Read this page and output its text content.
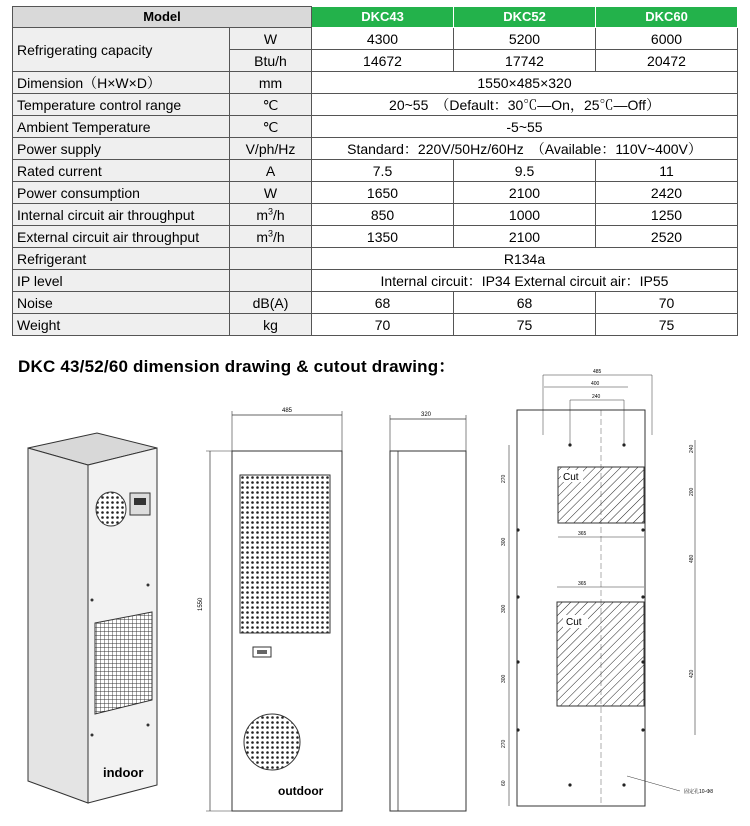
Model		DKC43	DKC52	DKC60
Refrigerating capacity	W	4300	5200	6000
	Btu/h	14672	17742	20472
Dimension（H×W×D）	mm	1550×485×320		
Temperature control range	℃	20~55　（Default：30℃—On，25℃—Off）		
Ambient Temperature	℃	-5~55		
Power supply	V/ph/Hz	Standard：220V/50Hz/60Hz　（Available：110V~400V）		
Rated current	A	7.5	9.5	11
Power consumption	W	1650	2100	2420
Internal circuit air throughput	$m^3/h$	850	1000	1250
External circuit air throughput	$m^3/h$	1350	2100	2520
Refrigerant		R134a		
IP level		Internal circuit：IP34 External circuit air：IP55		
Noise	dB(A)	68	68	70
Weight	kg	70	75	75
DKC 43/52/60 dimension drawing & cutout drawing：
indoor
485
outdoor
1550
320
485
400
240
Cut
365
Cut
365
270
300
300
300
270
60
240
200
480
420
固定孔10-Φ8
